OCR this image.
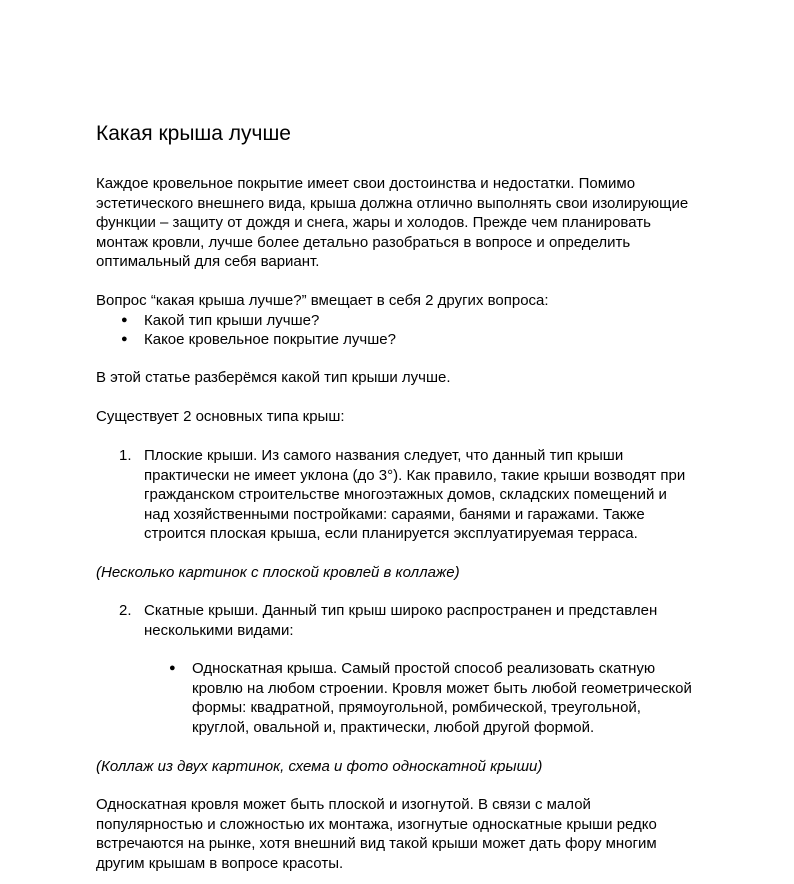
Какая крыша лучше

Каждое кровельное покрытие имеет свои достоинства и недостатки. Помимо эстетического внешнего вида, крыша должна отлично выполнять свои изолирующие функции – защиту от дождя и снега, жары и холодов. Прежде чем планировать монтаж кровли, лучше более детально разобраться в вопросе и определить оптимальный для себя вариант.

Вопрос “какая крыша лучше?” вмещает в себя 2 других вопроса:

● Какой тип крыши лучше?

● Какое кровельное покрытие лучше?

В этой статье разберёмся какой тип крыши лучше.

Существует 2 основных типа крыш:

1. Плоские крыши. Из самого названия следует, что данный тип крыши практически не имеет уклона (до 3°). Как правило, такие крыши возводят при гражданском строительстве многоэтажных домов, складских помещений и над хозяйственными постройками: сараями, банями и гаражами. Также строится плоская крыша, если планируется эксплуатируемая терраса.

(Несколько картинок с плоской кровлей в коллаже)

2. Скатные крыши. Данный тип крыш широко распространен и представлен несколькими видами:

● Односкатная крыша. Самый простой способ реализовать скатную кровлю на любом строении. Кровля может быть любой геометрической формы: квадратной, прямоугольной, ромбической, треугольной, круглой, овальной и, практически, любой другой формой.

(Коллаж из двух картинок, схема и фото односкатной крыши)

Односкатная кровля может быть плоской и изогнутой. В связи с малой популярностью и сложностью их монтажа, изогнутые односкатные крыши редко встречаются на рынке, хотя внешний вид такой крыши может дать фору многим другим крышам в вопросе красоты.
